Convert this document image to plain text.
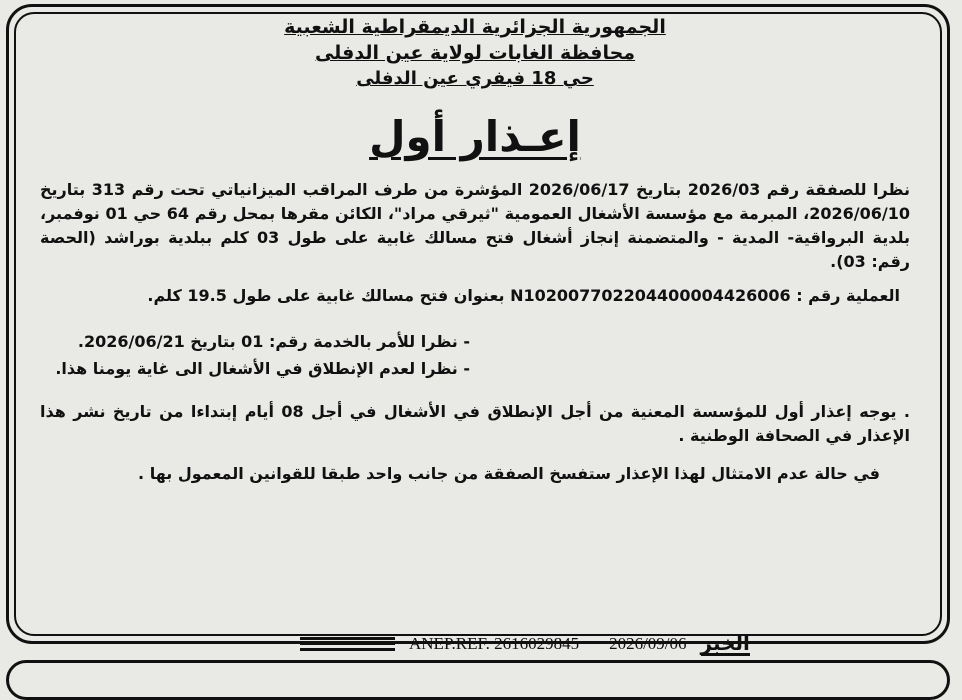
الجمهورية الجزائرية الديمقراطية الشعبية

محافظة الغابات لولاية عين الدفلى

حي 18 فيفري عين الدفلى

إعـذار أول

نظرا للصفقة رقم 2026/03 بتاريخ 2026/06/17 المؤشرة من طرف المراقب الميزانياتي تحت رقم 313 بتاريخ 2026/06/10، المبرمة مع مؤسسة الأشغال العمومية "ثيرقي مراد"، الكائن مقرها بمحل رقم 64 حي 01 نوفمبر، بلدية البرواقية- المدية - والمتضمنة إنجاز أشغال فتح مسالك غابية على طول 03 كلم ببلدية بوراشد (الحصة رقم: 03).

العملية رقم : N102007702204400004426006 بعنوان فتح مسالك غابية على طول 19.5 كلم.

- نظرا للأمر بالخدمة رقم: 01 بتاريخ 2026/06/21.
- نظرا لعدم الإنطلاق في الأشغال الى غاية يومنا هذا.

. يوجه إعذار أول للمؤسسة المعنية من أجل الإنطلاق في الأشغال في أجل 08 أيام إبتداءا من تاريخ نشر هذا الإعذار في الصحافة الوطنية .

في حالة عدم الامتثال لهذا الإعذار ستفسخ الصفقة من جانب واحد طبقا للقوانين المعمول بها .

ANEP.REF. 2616029845 2026/09/06 الخبر
